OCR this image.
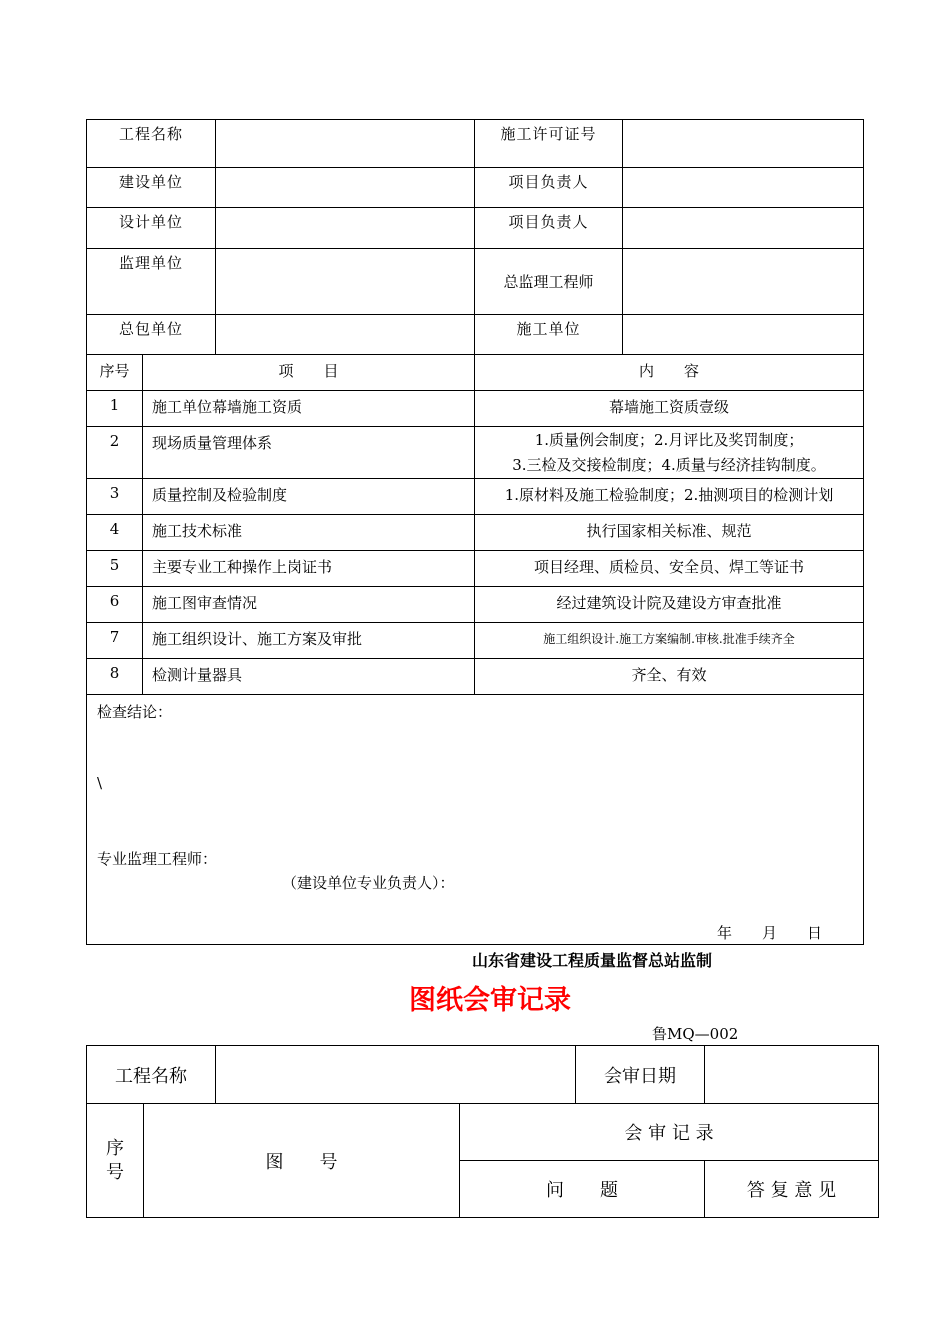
工程名称			施工许可证号	
建设单位			项目负责人	
设计单位			项目负责人	
监理单位			总监理工程师	
总包单位			施工单位	
序号	项　　目		内　　容	
1	施工单位幕墙施工资质		幕墙施工资质壹级	
2	现场质量管理体系		1.质量例会制度；2.月评比及奖罚制度；
3.三检及交接检制度；4.质量与经济挂钩制度。	

3	质量控制及检验制度		1.原材料及施工检验制度；2.抽测项目的检测计划	
4	施工技术标准		执行国家相关标准、规范	
5	主要专业工种操作上岗证书		项目经理、质检员、安全员、焊工等证书	
6	施工图审查情况		经过建筑设计院及建设方审查批准	
7	施工组织设计、施工方案及审批		施工组织设计.施工方案编制.审核.批准手续齐全	
8	检测计量器具		齐全、有效	

检查结论：
\
专业监理工程师：
（建设单位专业负责人）：
年　　月　　日				
山东省建设工程质量监督总站监制
图纸会审记录
鲁MQ—002
工程名称				会审日期	
序
号	图　　号		会 审 记 录		
			问　　题		答 复 意 见
